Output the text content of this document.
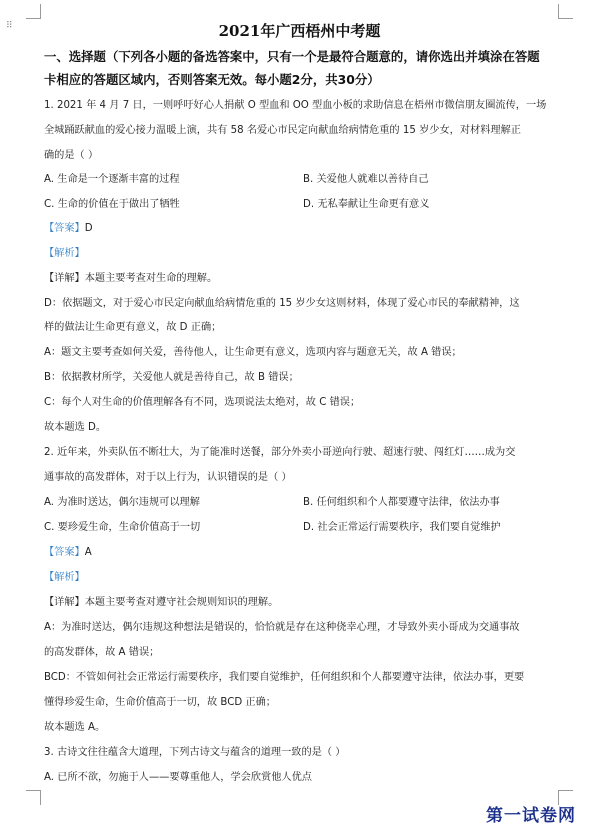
⠿	2021年广西梧州中考题
一、选择题（下列各小题的备选答案中，只有一个是最符合题意的，请你选出并填涂在答题
卡相应的答题区域内，否则答案无效。每小题2分，共30分）
1. 2021 年 4 月 7 日，一则呼吁好心人捐献 O 型血和 OO 型血小板的求助信息在梧州市微信朋友圈流传，一场
全城踊跃献血的爱心接力温暖上演，共有 58 名爱心市民定向献血给病情危重的 15 岁少女，对材料理解正
确的是（ ）
A. 生命是一个逐渐丰富的过程	B. 关爱他人就难以善待自己
C. 生命的价值在于做出了牺牲	D. 无私奉献让生命更有意义
【答案】D
【解析】
【详解】本题主要考查对生命的理解。
D：依据题文，对于爱心市民定向献血给病情危重的 15 岁少女这则材料，体现了爱心市民的奉献精神，这
样的做法让生命更有意义，故 D 正确；
A：题文主要考查如何关爱，善待他人，让生命更有意义，选项内容与题意无关，故 A 错误；
B：依据教材所学，关爱他人就是善待自己，故 B 错误；
C：每个人对生命的价值理解各有不同，选项说法太绝对，故 C 错误；
故本题选 D。
2. 近年来，外卖队伍不断壮大，为了能准时送餐，部分外卖小哥逆向行驶、超速行驶、闯红灯……成为交
通事故的高发群体，对于以上行为，认识错误的是（ ）
A. 为准时送达，偶尔违规可以理解	B. 任何组织和个人都要遵守法律，依法办事
C. 要珍爱生命，生命价值高于一切	D. 社会正常运行需要秩序，我们要自觉维护
【答案】A
【解析】
【详解】本题主要考查对遵守社会规则知识的理解。
A：为准时送达，偶尔违规这种想法是错误的，恰恰就是存在这种侥幸心理，才导致外卖小哥成为交通事故
的高发群体，故 A 错误；
BCD：不管如何社会正常运行需要秩序，我们要自觉维护，任何组织和个人都要遵守法律，依法办事，更要
懂得珍爱生命，生命价值高于一切，故 BCD 正确；
故本题选 A。
3. 古诗文往往蕴含大道理，下列古诗文与蕴含的道理一致的是（ ）
A. 已所不欲，勿施于人——要尊重他人，学会欣赏他人优点
第一试卷网
